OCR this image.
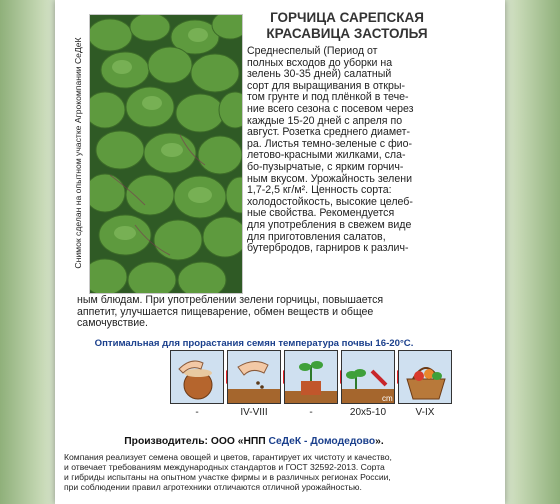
Снимок сделан на опытном участке Агрокомпании СеДеК
ГОРЧИЦА САРЕПСКАЯ
КРАСАВИЦА ЗАСТОЛЬЯ
Среднеспелый (Период от
полных всходов до уборки на
зелень 30-35 дней) салатный
сорт для выращивания в откры-
том грунте и под плёнкой в тече-
ние всего сезона с посевом через
каждые 15-20 дней с апреля по
август. Розетка среднего диамет-
ра. Листья темно-зеленые с фио-
летово-красными жилками, сла-
бо-пузырчатые, с ярким горчич-
ным вкусом. Урожайность зелени
1,7-2,5 кг/м². Ценность сорта:
холодостойкость, высокие целеб-
ные свойства. Рекомендуется
для употребления в свежем виде
для приготовления салатов,
бутербродов, гарниров к различ-
ным блюдам. При употреблении зелени горчицы, повышается
аппетит, улучшается пищеварение, обмен веществ и общее
самочувствие.
Оптимальная для прорастания семян температура почвы 16-20°С.
cm
-	IV-VIII	-	20x5-10	V-IX
Производитель: ООО «НПП СеДеК - Домодедово».
Компания реализует семена овощей и цветов, гарантирует их чистоту и качество,
и отвечает требованиям международных стандартов и ГОСТ 32592-2013. Сорта
и гибриды испытаны на опытном участке фирмы и в различных регионах России,
при соблюдении правил агротехники отличаются отличной урожайностью.
